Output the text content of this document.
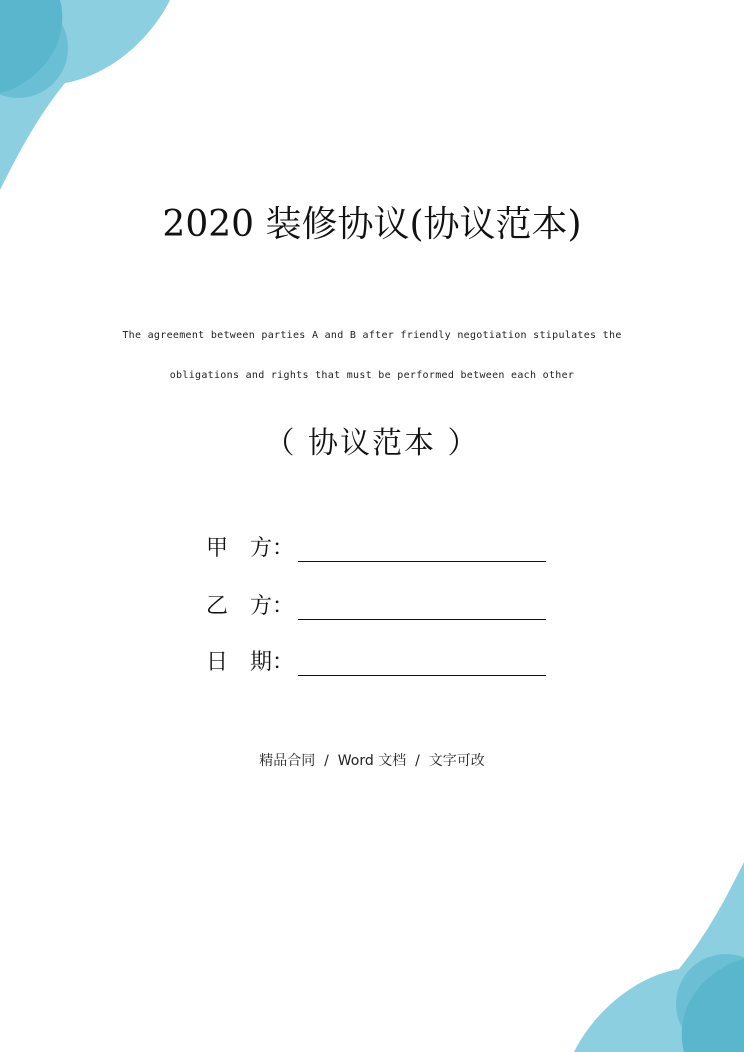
2020 装修协议(协议范本)
The agreement between parties A and B after friendly negotiation stipulates the
obligations and rights that must be performed between each other
（ 协议范本 ）
甲　方：
乙　方：
日　期：
精品合同  /  Word 文档  /  文字可改
